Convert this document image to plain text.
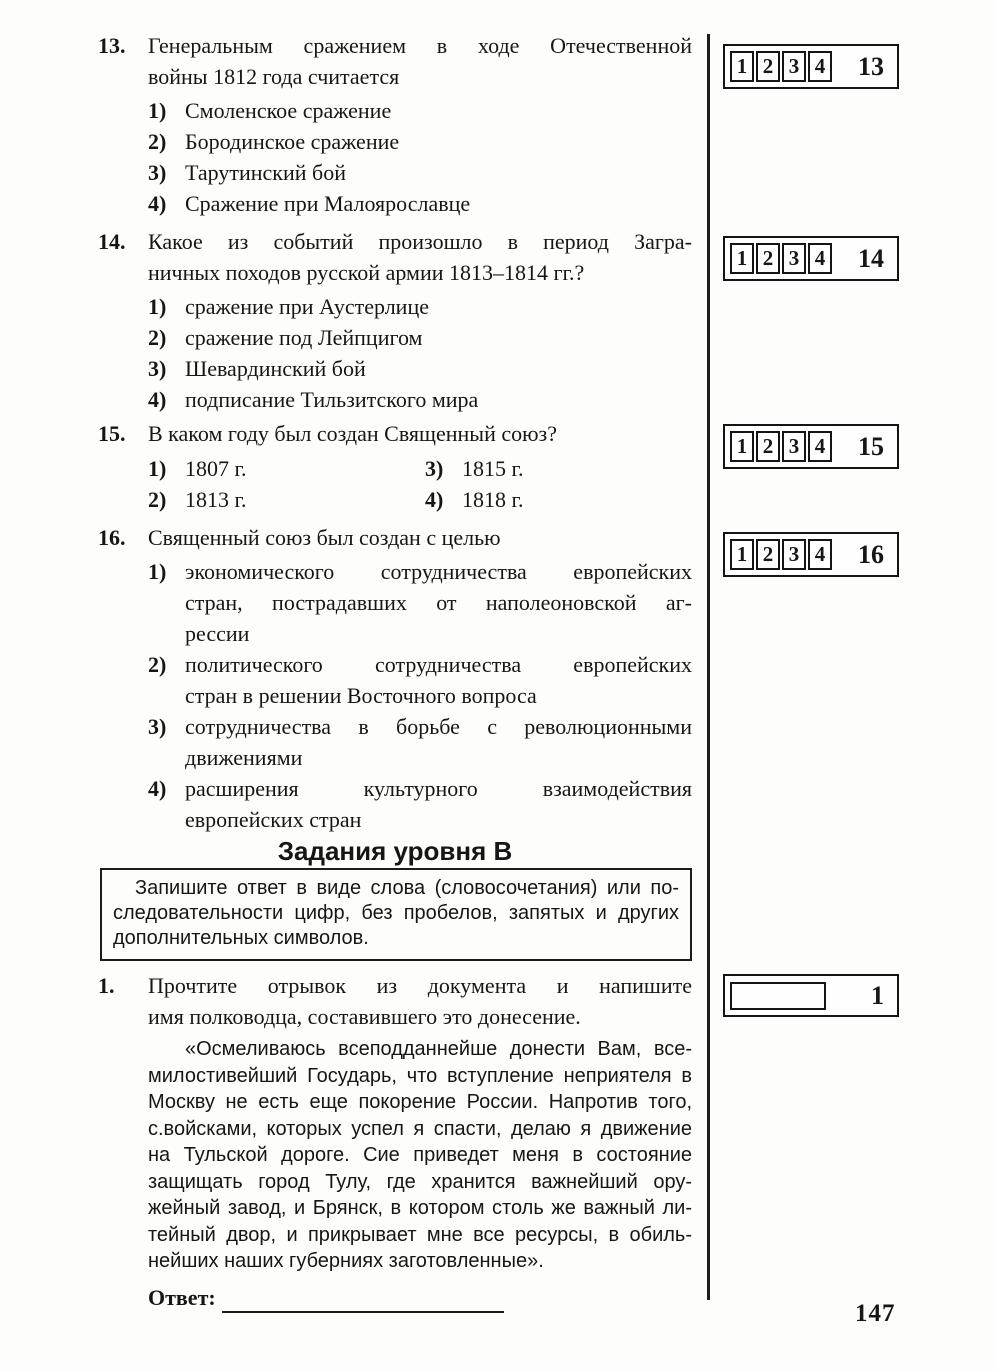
13.	Генеральным сражением в ходе Отечественной
войны 1812 года считается
1) Смоленское сражение
2) Бородинское сражение
3) Тарутинский бой
4) Сражение при Малоярославце
14.	Какое из событий произошло в период Загра-
ничных походов русской армии 1813–1814 гг.?
1) сражение при Аустерлице
2) сражение под Лейпцигом
3) Шевардинский бой
4) подписание Тильзитского мира
15.	В каком году был создан Священный союз?
1) 1807 г.	3) 1815 г.
2) 1813 г.	4) 1818 г.
16.	Священный союз был создан с целью
1) экономического сотрудничества европейских
стран, пострадавших от наполеоновской аг-
рессии
2) политического сотрудничества европейских
стран в решении Восточного вопроса
3) сотрудничества в борьбе с революционными
движениями
4) расширения культурного взаимодействия
европейских стран
Задания уровня В
Запишите ответ в виде слова (словосочетания) или по-
следовательности цифр, без пробелов, запятых и других
дополнительных символов.
1.	Прочтите отрывок из документа и напишите
имя полководца, составившего это донесение.
«Осмеливаюсь всеподданнейше донести Вам, все-
милостивейший Государь, что вступление неприятеля в
Москву не есть еще покорение России. Напротив того,
с.войсками, которых успел я спасти, делаю я движение
на Тульской дороге. Сие приведет меня в состояние
защищать город Тулу, где хранится важнейший ору-
жейный завод, и Брянск, в котором столь же важный ли-
тейный двор, и прикрывает мне все ресурсы, в обиль-
нейших наших губерниях заготовленные».
Ответ:
1 2 3 4 13
1 2 3 4 14
1 2 3 4 15
1 2 3 4 16
1
147
